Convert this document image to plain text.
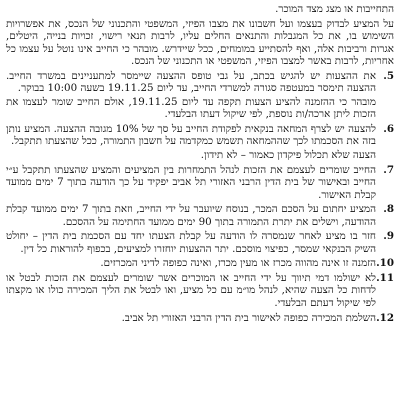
התחייבות או מצג מצד המוכר.

על המציע לבדוק בעצמו ועל חשבונו את מצבו הפיזי, המשפטי והתכנוני של הנכס, את אפשרויות השימוש בו, את כל המגבלות והתנאים החלים עליו, לרבות תנאי רישוי, זכויות בנייה, היטלים, אגרות ורביבות אלה, ואף להסתייע במומחים, ככל שיידרש. מובהר כי החייב אינו נוטל על עצמו כל אחריות, לרבות באשר למצבו הפיזי, המשפטי או התכנוני של הנכס.

5.

את ההצעות יש להגיש בכתב, על גבי טופס ההצעה שיימסר למתעניינים במשרד החייב. ההצעה תימסר במעטפה סגורה למשרדי החייב, עד ליום 19.11.25 בשעה 10:00 בבוקר.

מובהר כי ההזמנה להציע הצעות תקפה עד ליום 19.11.25, אולם החייב שומר לעצמו את הזכות ליתן ארכה/ות נוספת, לפי שיקול דעתו הבלעדי.

6.

להצעה יש לצרף המחאה בנקאית לפקודת החייב על סך של 10% מגובה ההצעה. המציע נותן בזה את הסכמתו לכך שההמחאה תשמש כמקדמה על חשבון התמורה, ככל שהצעתו תתקבל.

הצעה שלא תכלול פיקדון כאמור – לא תידון.

7.

החייב שומרים לעצמם את הזכות לנהל התמחרות בין המציעים והמציע שהצעתו תתקבל ע״י החייב ובאישור של בית הדין הרבני האזורי תל אביב יפקיד על כך הודעה בתוך 7 ימים ממועד קבלת האישור.

8.

המציע יחתום על הסכם המכר, בנוסח שיועבר על ידי החייב, וזאת בתוך 7 ימים ממועד קבלת ההודעה, וישלים את יתרת התמורה בתוך 90 ימים ממועד החתימה על ההסכם.

9.

חזר בו מציע לאחר שנמסרה לו הודעה על קבלת הצעתו יחד עם הסכמת בית הדין – יחולט השיק הבנקאי שמסר, כפיצוי מוסכם. יתר ההצעות יוחזרו למציעים, בכפוף להוראות כל דין.

10.

הזמנה זו אינה מהווה מכרז או מעין מכרז, ואינה כפופה לדיני המכרזים.

11.

לא ישולמו דמי תיווך על ידי החייב או המוכרים אשר שומרים לעצמם את הזכות לבטל או לדחות כל הצעה שהיא, לנהל מו״מ עם כל מציע, ואו לבטל את הליך המכירה כולו או מקצתו לפי שיקול דעתם הבלעדי.

12.

השלמת המכירה כפופה לאישור בית הדין הרבני האזורי תל אביב.
